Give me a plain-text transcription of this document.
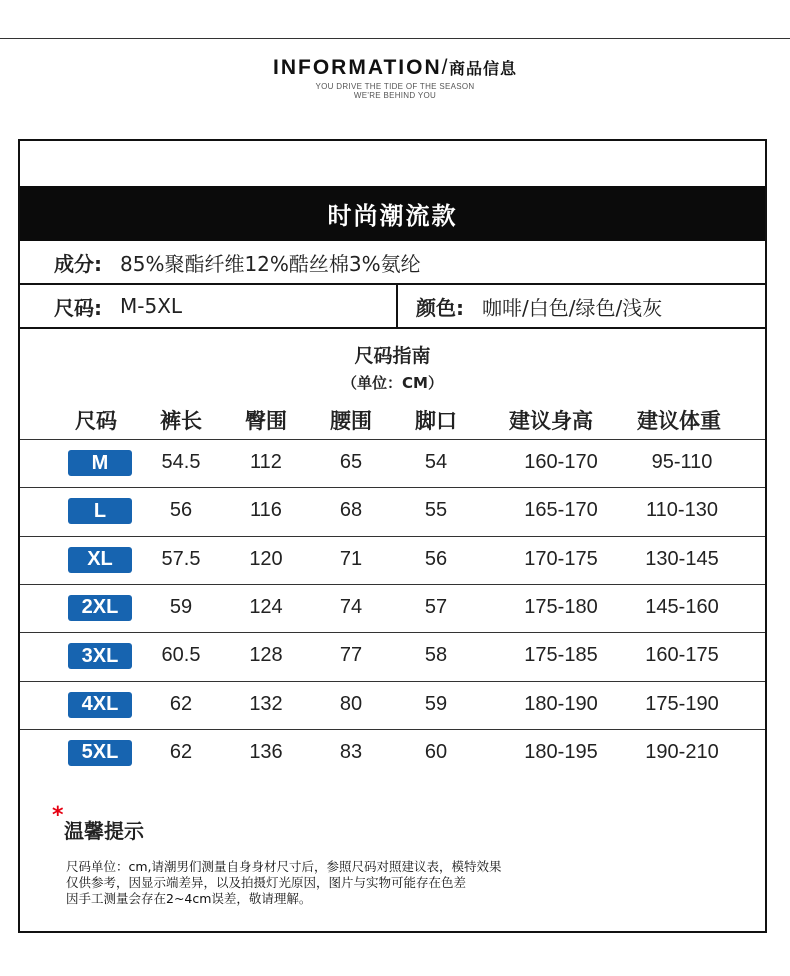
INFORMATION/商品信息
YOU DRIVE THE TIDE OF THE SEASON
WE'RE BEHIND YOU
时尚潮流款
成分: 85%聚酯纤维12%酷丝棉3%氨纶
尺码: M-5XL	颜色: 咖啡/白色/绿色/浅灰
尺码指南
（单位：CM）
尺码	裤长	臀围	腰围	脚口	建议身高	建议体重
M	54.5	112	65	54	160-170	95-110
L	56	116	68	55	165-170	110-130
XL	57.5	120	71	56	170-175	130-145
2XL	59	124	74	57	175-180	145-160
3XL	60.5	128	77	58	175-185	160-175
4XL	62	132	80	59	180-190	175-190
5XL	62	136	83	60	180-195	190-210
*
温馨提示
尺码单位：cm,请潮男们测量自身身材尺寸后，参照尺码对照建议表，模特效果
仅供参考，因显示端差异，以及拍摄灯光原因，图片与实物可能存在色差
因手工测量会存在2~4cm误差，敬请理解。
